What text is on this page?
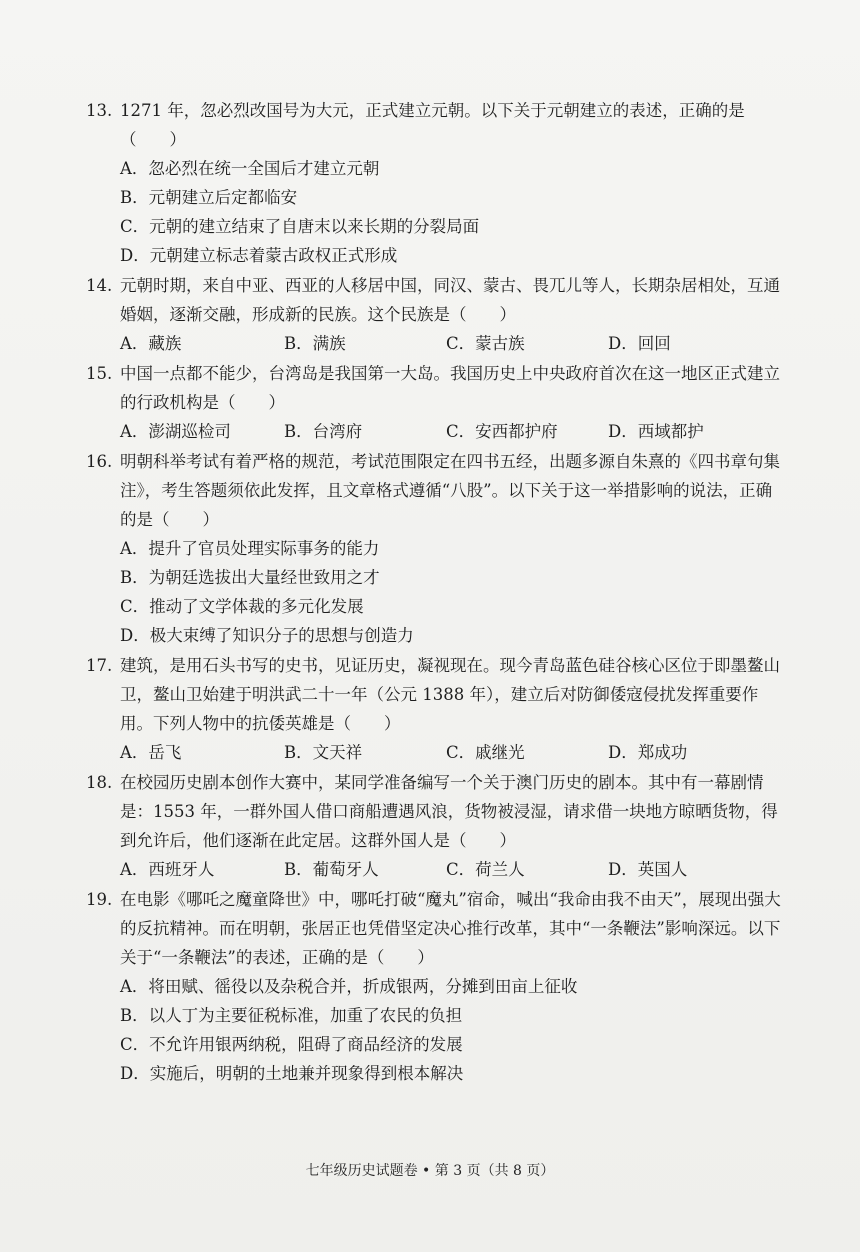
13. 1271 年，忽必烈改国号为大元，正式建立元朝。以下关于元朝建立的表述，正确的是（　　）
A．忽必烈在统一全国后才建立元朝
B．元朝建立后定都临安
C．元朝的建立结束了自唐末以来长期的分裂局面
D．元朝建立标志着蒙古政权正式形成
14. 元朝时期，来自中亚、西亚的人移居中国，同汉、蒙古、畏兀儿等人，长期杂居相处，互通婚姻，逐渐交融，形成新的民族。这个民族是（　　）
A．藏族	B．满族	C．蒙古族	D．回回
15. 中国一点都不能少，台湾岛是我国第一大岛。我国历史上中央政府首次在这一地区正式建立的行政机构是（　　）
A．澎湖巡检司	B．台湾府	C．安西都护府	D．西域都护
16. 明朝科举考试有着严格的规范，考试范围限定在四书五经，出题多源自朱熹的《四书章句集注》，考生答题须依此发挥，且文章格式遵循“八股”。以下关于这一举措影响的说法，正确的是（　　）
A．提升了官员处理实际事务的能力
B．为朝廷选拔出大量经世致用之才
C．推动了文学体裁的多元化发展
D．极大束缚了知识分子的思想与创造力
17. 建筑，是用石头书写的史书，见证历史，凝视现在。现今青岛蓝色硅谷核心区位于即墨鳌山卫，鳌山卫始建于明洪武二十一年（公元 1388 年），建立后对防御倭寇侵扰发挥重要作用。下列人物中的抗倭英雄是（　　）
A．岳飞	B．文天祥	C．戚继光	D．郑成功
18. 在校园历史剧本创作大赛中，某同学准备编写一个关于澳门历史的剧本。其中有一幕剧情是：1553 年，一群外国人借口商船遭遇风浪，货物被浸湿，请求借一块地方晾晒货物，得到允许后，他们逐渐在此定居。这群外国人是（　　）
A．西班牙人	B．葡萄牙人	C．荷兰人	D．英国人
19. 在电影《哪吒之魔童降世》中，哪吒打破“魔丸”宿命，喊出“我命由我不由天”，展现出强大的反抗精神。而在明朝，张居正也凭借坚定决心推行改革，其中“一条鞭法”影响深远。以下关于“一条鞭法”的表述，正确的是（　　）
A．将田赋、徭役以及杂税合并，折成银两，分摊到田亩上征收
B．以人丁为主要征税标准，加重了农民的负担
C．不允许用银两纳税，阻碍了商品经济的发展
D．实施后，明朝的土地兼并现象得到根本解决
七年级历史试题卷 • 第 3 页（共 8 页）
